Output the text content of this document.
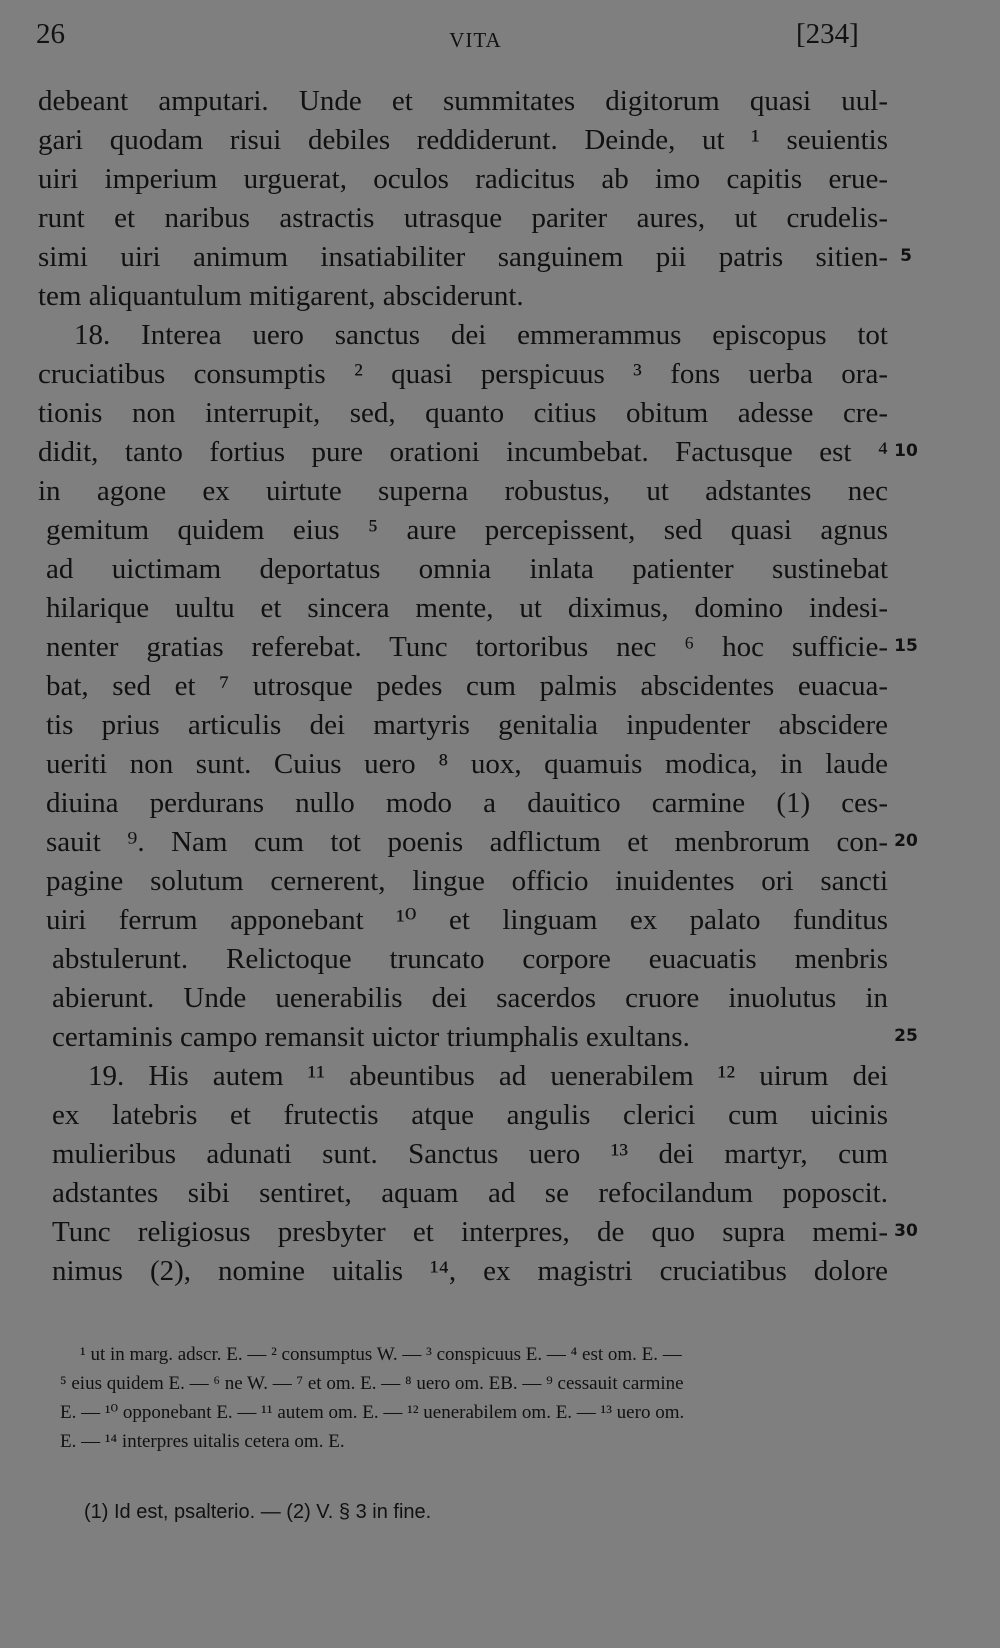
26	VITA	[234]
debeant amputari. Unde et summitates digitorum quasi uul-
gari quodam risui debiles reddiderunt. Deinde, ut ¹ seuientis
uiri imperium urguerat, oculos radicitus ab imo capitis erue-
runt et naribus astractis utrasque pariter aures, ut crudelis-
simi uiri animum insatiabiliter sanguinem pii patris sitien-
tem aliquantulum mitigarent, absciderunt.
18. Interea uero sanctus dei emmerammus episcopus tot
cruciatibus consumptis ² quasi perspicuus ³ fons uerba ora-
tionis non interrupit, sed, quanto citius obitum adesse cre-
didit, tanto fortius pure orationi incumbebat. Factusque est ⁴
in agone ex uirtute superna robustus, ut adstantes nec
gemitum quidem eius ⁵ aure percepissent, sed quasi agnus
ad uictimam deportatus omnia inlata patienter sustinebat
hilarique uultu et sincera mente, ut diximus, domino indesi-
nenter gratias referebat. Tunc tortoribus nec ⁶ hoc sufficie-
bat, sed et ⁷ utrosque pedes cum palmis abscidentes euacua-
tis prius articulis dei martyris genitalia inpudenter abscidere
ueriti non sunt. Cuius uero ⁸ uox, quamuis modica, in laude
diuina perdurans nullo modo a dauitico carmine (1) ces-
sauit ⁹. Nam cum tot poenis adflictum et menbrorum con-
pagine solutum cernerent, lingue officio inuidentes ori sancti
uiri ferrum apponebant ¹⁰ et linguam ex palato funditus
abstulerunt. Relictoque truncato corpore euacuatis menbris
abierunt. Unde uenerabilis dei sacerdos cruore inuolutus in
certaminis campo remansit uictor triumphalis exultans.
19. His autem ¹¹ abeuntibus ad uenerabilem ¹² uirum dei
ex latebris et frutectis atque angulis clerici cum uicinis
mulieribus adunati sunt. Sanctus uero ¹³ dei martyr, cum
adstantes sibi sentiret, aquam ad se refocilandum poposcit.
Tunc religiosus presbyter et interpres, de quo supra memi-
nimus (2), nomine uitalis ¹⁴, ex magistri cruciatibus dolore
5
10
15
20
25
30
¹ ut in marg. adscr. E. — ² consumptus W. — ³ conspicuus E. — ⁴ est om. E. —
⁵ eius quidem E. — ⁶ ne W. — ⁷ et om. E. — ⁸ uero om. EB. — ⁹ cessauit carmine
E. — ¹⁰ opponebant E. — ¹¹ autem om. E. — ¹² uenerabilem om. E. — ¹³ uero om.
E. — ¹⁴ interpres uitalis cetera om. E.
(1) Id est, psalterio. — (2) V. § 3 in fine.
